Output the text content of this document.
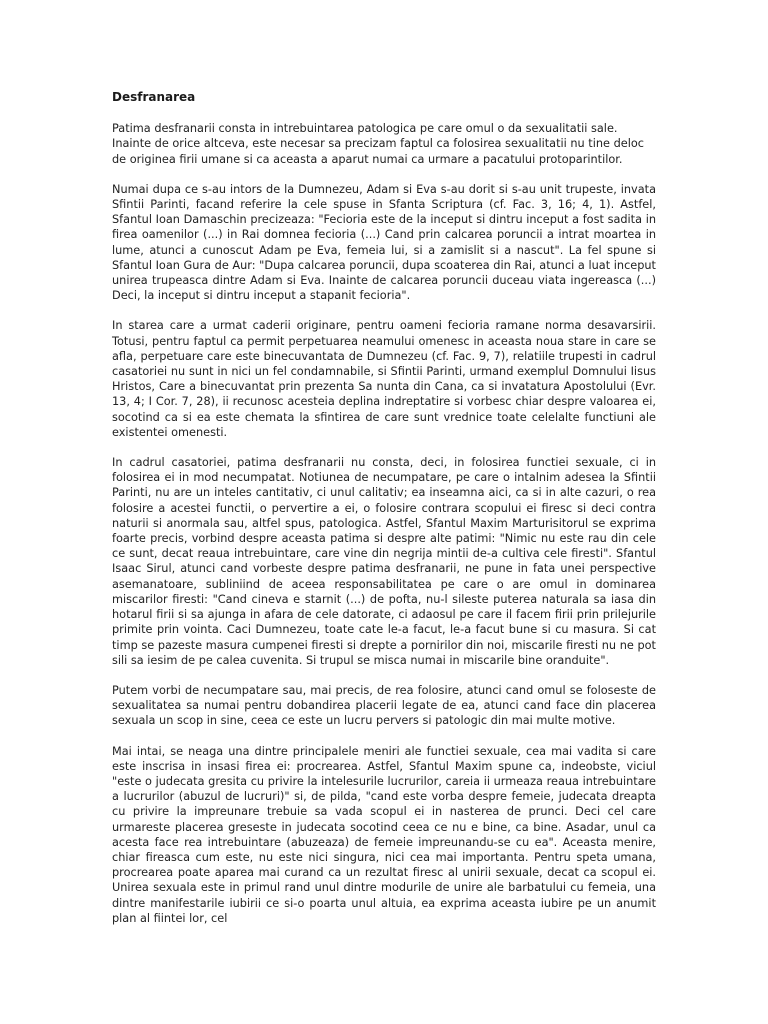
Desfranarea

Patima desfranarii consta in intrebuintarea patologica pe care omul o da sexualitatii sale.
Inainte de orice altceva, este necesar sa precizam faptul ca folosirea sexualitatii nu tine deloc de originea firii umane si ca aceasta a aparut numai ca urmare a pacatului protoparintilor.

Numai dupa ce s-au intors de la Dumnezeu, Adam si Eva s-au dorit si s-au unit trupeste, invata Sfintii Parinti, facand referire la cele spuse in Sfanta Scriptura (cf. Fac. 3, 16; 4, 1). Astfel, Sfantul Ioan Damaschin precizeaza: "Fecioria este de la inceput si dintru inceput a fost sadita in firea oamenilor (...) in Rai domnea fecioria (...) Cand prin calcarea poruncii a intrat moartea in lume, atunci a cunoscut Adam pe Eva, femeia lui, si a zamislit si a nascut". La fel spune si Sfantul Ioan Gura de Aur: "Dupa calcarea poruncii, dupa scoaterea din Rai, atunci a luat inceput unirea trupeasca dintre Adam si Eva. Inainte de calcarea poruncii duceau viata ingereasca (...) Deci, la inceput si dintru inceput a stapanit fecioria".

In starea care a urmat caderii originare, pentru oameni fecioria ramane norma desavarsirii. Totusi, pentru faptul ca permit perpetuarea neamului omenesc in aceasta noua stare in care se afla, perpetuare care este binecuvantata de Dumnezeu (cf. Fac. 9, 7), relatiile trupesti in cadrul casatoriei nu sunt in nici un fel condamnabile, si Sfintii Parinti, urmand exemplul Domnului Iisus Hristos, Care a binecuvantat prin prezenta Sa nunta din Cana, ca si invatatura Apostolului (Evr. 13, 4; I Cor. 7, 28), ii recunosc acesteia deplina indreptatire si vorbesc chiar despre valoarea ei, socotind ca si ea este chemata la sfintirea de care sunt vrednice toate celelalte functiuni ale existentei omenesti.

In cadrul casatoriei, patima desfranarii nu consta, deci, in folosirea functiei sexuale, ci in folosirea ei in mod necumpatat. Notiunea de necumpatare, pe care o intalnim adesea la Sfintii Parinti, nu are un inteles cantitativ, ci unul calitativ; ea inseamna aici, ca si in alte cazuri, o rea folosire a acestei functii, o pervertire a ei, o folosire contrara scopului ei firesc si deci contra naturii si anormala sau, altfel spus, patologica. Astfel, Sfantul Maxim Marturisitorul se exprima foarte precis, vorbind despre aceasta patima si despre alte patimi: "Nimic nu este rau din cele ce sunt, decat reaua intrebuintare, care vine din negrija mintii de-a cultiva cele firesti". Sfantul Isaac Sirul, atunci cand vorbeste despre patima desfranarii, ne pune in fata unei perspective asemanatoare, subliniind de aceea responsabilitatea pe care o are omul in dominarea miscarilor firesti: "Cand cineva e starnit (...) de pofta, nu-l sileste puterea naturala sa iasa din hotarul firii si sa ajunga in afara de cele datorate, ci adaosul pe care il facem firii prin prilejurile primite prin vointa. Caci Dumnezeu, toate cate le-a facut, le-a facut bune si cu masura. Si cat timp se pazeste masura cumpenei firesti si drepte a pornirilor din noi, miscarile firesti nu ne pot sili sa iesim de pe calea cuvenita. Si trupul se misca numai in miscarile bine oranduite".

Putem vorbi de necumpatare sau, mai precis, de rea folosire, atunci cand omul se foloseste de sexualitatea sa numai pentru dobandirea placerii legate de ea, atunci cand face din placerea sexuala un scop in sine, ceea ce este un lucru pervers si patologic din mai multe motive.

Mai intai, se neaga una dintre principalele meniri ale functiei sexuale, cea mai vadita si care este inscrisa in insasi firea ei: procrearea. Astfel, Sfantul Maxim spune ca, indeobste, viciul "este o judecata gresita cu privire la intelesurile lucrurilor, careia ii urmeaza reaua intrebuintare a lucrurilor (abuzul de lucruri)" si, de pilda, "cand este vorba despre femeie, judecata dreapta cu privire la impreunare trebuie sa vada scopul ei in nasterea de prunci. Deci cel care urmareste placerea greseste in judecata socotind ceea ce nu e bine, ca bine. Asadar, unul ca acesta face rea intrebuintare (abuzeaza) de femeie impreunandu-se cu ea". Aceasta menire, chiar fireasca cum este, nu este nici singura, nici cea mai importanta. Pentru speta umana, procrearea poate aparea mai curand ca un rezultat firesc al unirii sexuale, decat ca scopul ei. Unirea sexuala este in primul rand unul dintre modurile de unire ale barbatului cu femeia, una dintre manifestarile iubirii ce si-o poarta unul altuia, ea exprima aceasta iubire pe un anumit plan al fiintei lor, cel
